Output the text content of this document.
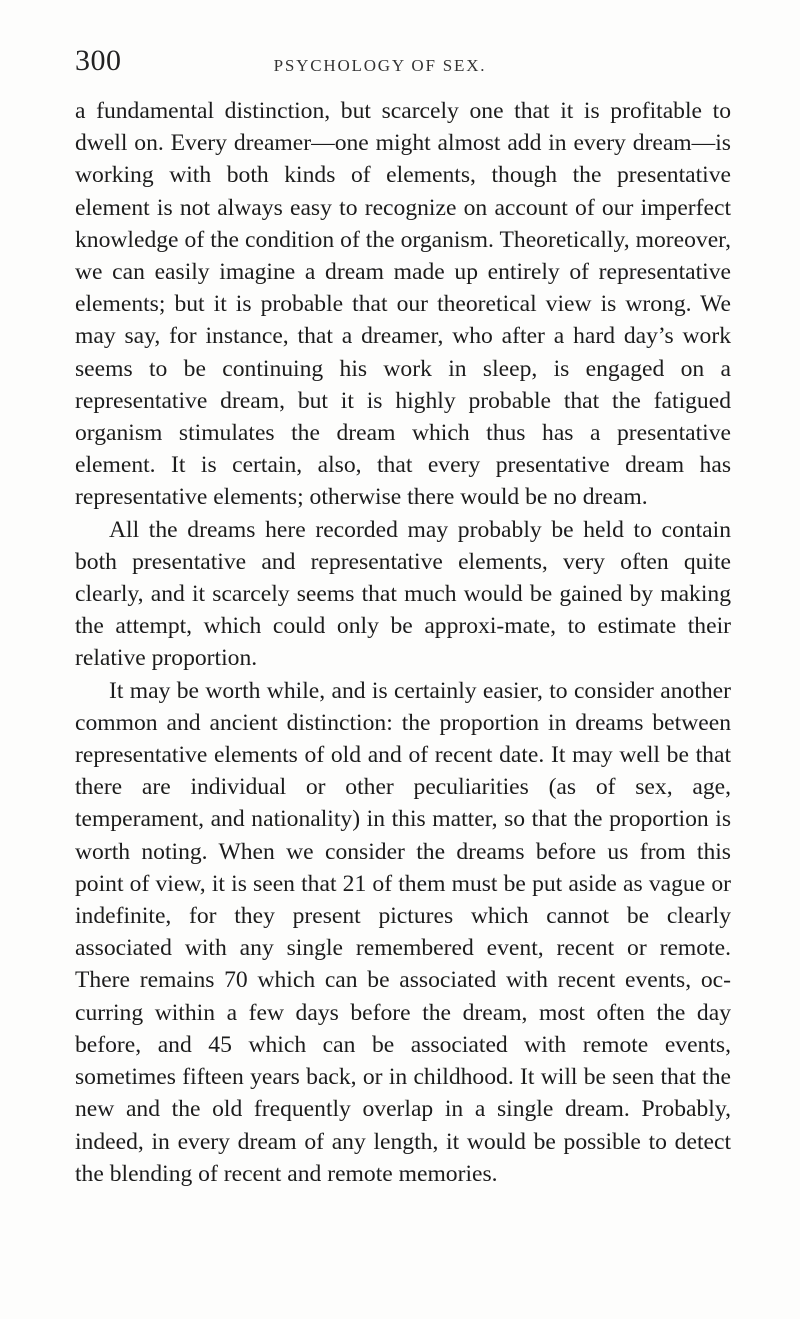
300	PSYCHOLOGY OF SEX.

a fundamental distinction, but scarcely one that it is profitable to dwell on. Every dreamer—one might almost add in every dream—is working with both kinds of elements, though the presentative element is not always easy to recognize on account of our imperfect knowledge of the condition of the organism. Theoretically, moreover, we can easily imagine a dream made up entirely of representative elements; but it is probable that our theoretical view is wrong. We may say, for instance, that a dreamer, who after a hard day’s work seems to be continuing his work in sleep, is engaged on a representative dream, but it is highly probable that the fatigued organism stimulates the dream which thus has a presentative element. It is certain, also, that every presentative dream has representative elements; otherwise there would be no dream.

All the dreams here recorded may probably be held to contain both presentative and representative elements, very often quite clearly, and it scarcely seems that much would be gained by making the attempt, which could only be approxi-mate, to estimate their relative proportion.

It may be worth while, and is certainly easier, to consider another common and ancient distinction: the proportion in dreams between representative elements of old and of recent date. It may well be that there are individual or other peculiarities (as of sex, age, temperament, and nationality) in this matter, so that the proportion is worth noting. When we consider the dreams before us from this point of view, it is seen that 21 of them must be put aside as vague or indefinite, for they present pictures which cannot be clearly associated with any single remembered event, recent or remote. There remains 70 which can be associated with recent events, oc-curring within a few days before the dream, most often the day before, and 45 which can be associated with remote events, sometimes fifteen years back, or in childhood. It will be seen that the new and the old frequently overlap in a single dream. Probably, indeed, in every dream of any length, it would be possible to detect the blending of recent and remote memories.
